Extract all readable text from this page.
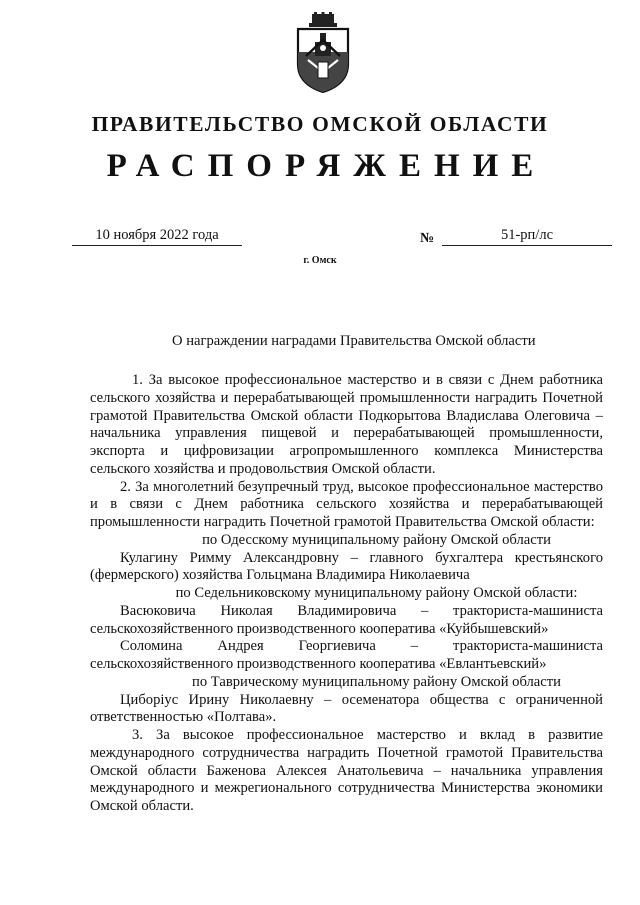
ПРАВИТЕЛЬСТВО ОМСКОЙ ОБЛАСТИ
РАСПОРЯЖЕНИЕ
10 ноября 2022 года	№	51-рп/лс
г. Омск
О награждении наградами Правительства Омской области

1. За высокое профессиональное мастерство и в связи с Днем работника сельского хозяйства и перерабатывающей промышленности наградить Почетной грамотой Правительства Омской области Подкорытова Владислава Олеговича – начальника управления пищевой и перерабатывающей промышленности, экспорта и цифровизации агропромышленного комплекса Министерства сельского хозяйства и продовольствия Омской области.

2. За многолетний безупречный труд, высокое профессиональное мастерство и в связи с Днем работника сельского хозяйства и перерабатывающей промышленности наградить Почетной грамотой Правительства Омской области:

по Одесскому муниципальному району Омской области

Кулагину Римму Александровну – главного бухгалтера крестьянского (фермерского) хозяйства Гольцмана Владимира Николаевича

по Седельниковскому муниципальному району Омской области:

Васюковича Николая Владимировича – тракториста-машиниста сельскохозяйственного производственного кооператива «Куйбышевский»

Соломина Андрея Георгиевича – тракториста-машиниста сельскохозяйственного производственного кооператива «Евлантьевский»

по Таврическому муниципальному району Омской области

Циборiус Ирину Николаевну – осеменатора общества с ограниченной ответственностью «Полтава».

3. За высокое профессиональное мастерство и вклад в развитие международного сотрудничества наградить Почетной грамотой Правительства Омской области Баженова Алексея Анатольевича – начальника управления международного и межрегионального сотрудничества Министерства экономики Омской области.
